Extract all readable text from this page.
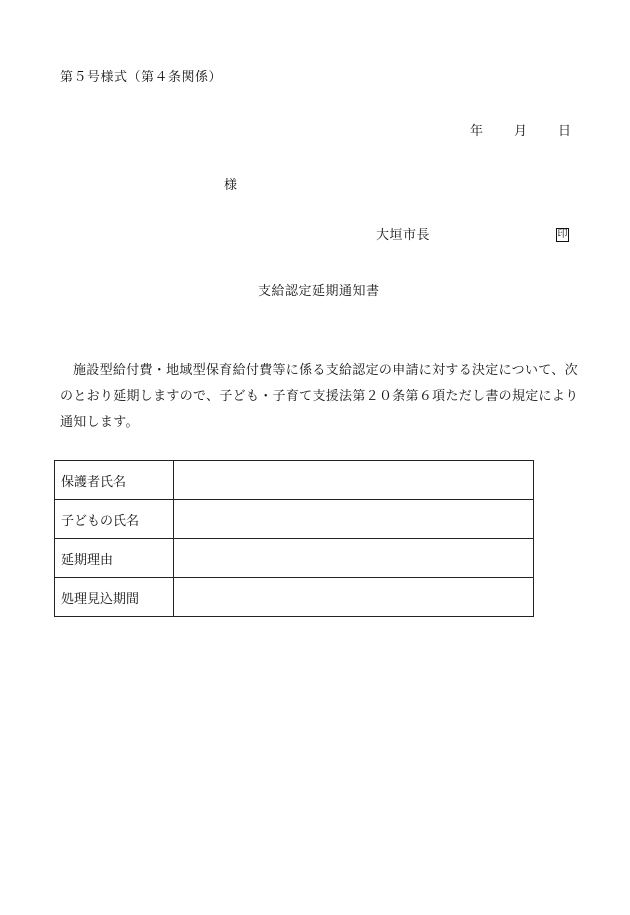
第５号様式（第４条関係）
年 月 日
様
大垣市長	印
支給認定延期通知書
施設型給付費・地域型保育給付費等に係る支給認定の申請に対する決定について、次のとおり延期しますので、子ども・子育て支援法第２０条第６項ただし書の規定により通知します。
保護者氏名	
子どもの氏名	
延期理由	
処理見込期間	
